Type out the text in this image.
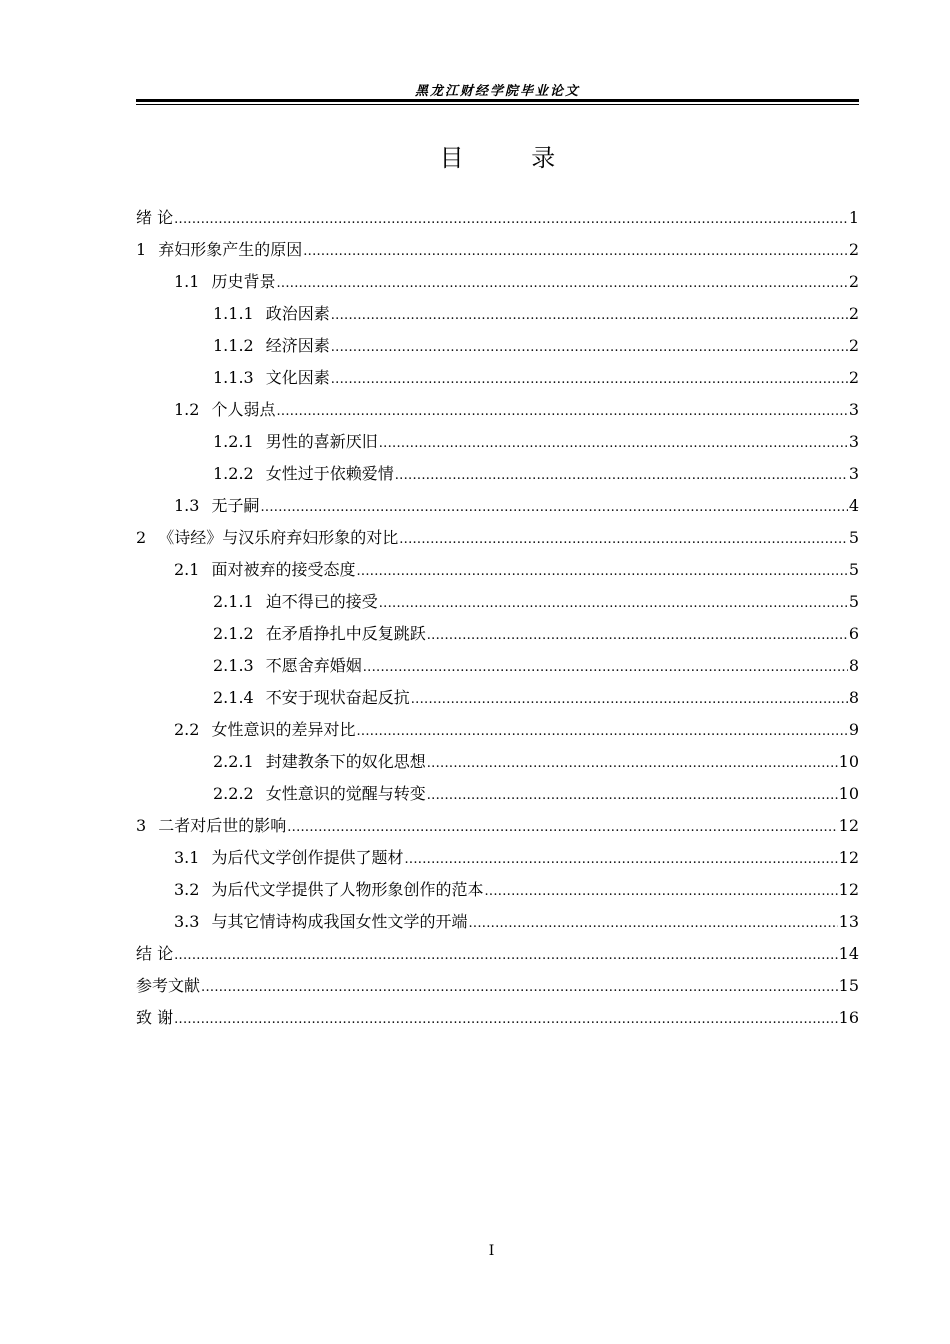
黑龙江财经学院毕业论文
目 录
绪 论 .....	1
1 弃妇形象产生的原因 .....	2
1.1 历史背景 .....	2
1.1.1 政治因素 .....	2
1.1.2 经济因素 .....	2
1.1.3 文化因素 .....	2
1.2 个人弱点 .....	3
1.2.1 男性的喜新厌旧 .....	3
1.2.2 女性过于依赖爱情 .....	3
1.3 无子嗣 .....	4
2 《诗经》与汉乐府弃妇形象的对比 .....	5
2.1 面对被弃的接受态度 .....	5
2.1.1 迫不得已的接受 .....	5
2.1.2 在矛盾挣扎中反复跳跃 .....	6
2.1.3 不愿舍弃婚姻 .....	8
2.1.4 不安于现状奋起反抗 .....	8
2.2 女性意识的差异对比 .....	9
2.2.1 封建教条下的奴化思想 .....	10
2.2.2 女性意识的觉醒与转变 .....	10
3 二者对后世的影响 .....	12
3.1 为后代文学创作提供了题材 .....	12
3.2 为后代文学提供了人物形象创作的范本 .....	12
3.3 与其它情诗构成我国女性文学的开端 .....	13
结 论 .....	14
参考文献 .....	15
致 谢 .....	16
I
